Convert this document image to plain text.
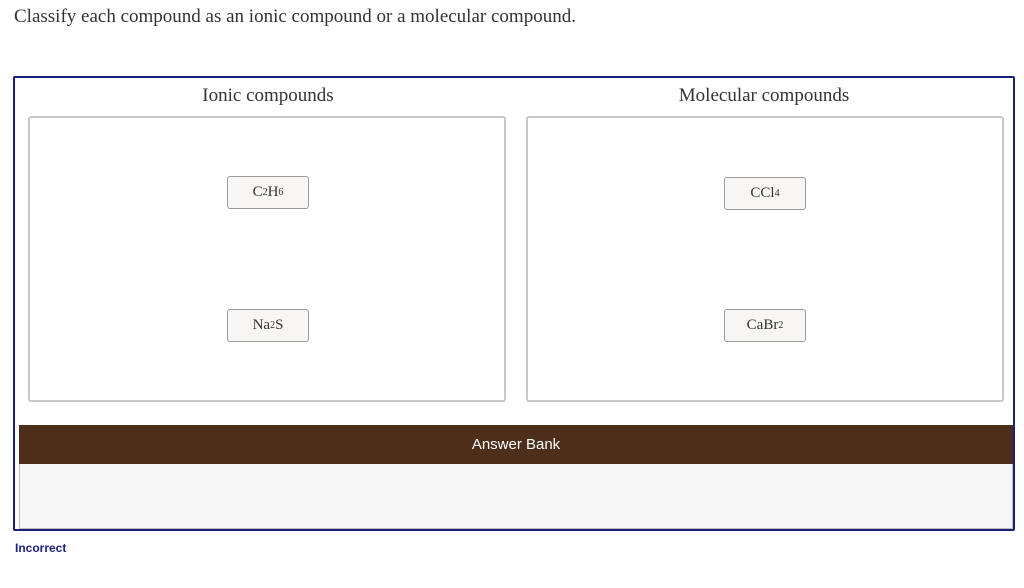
Classify each compound as an ionic compound or a molecular compound.
Ionic compounds	Molecular compounds
C 2 H 6
Na 2 S
CCl 4
CaBr 2
Answer Bank
Incorrect
